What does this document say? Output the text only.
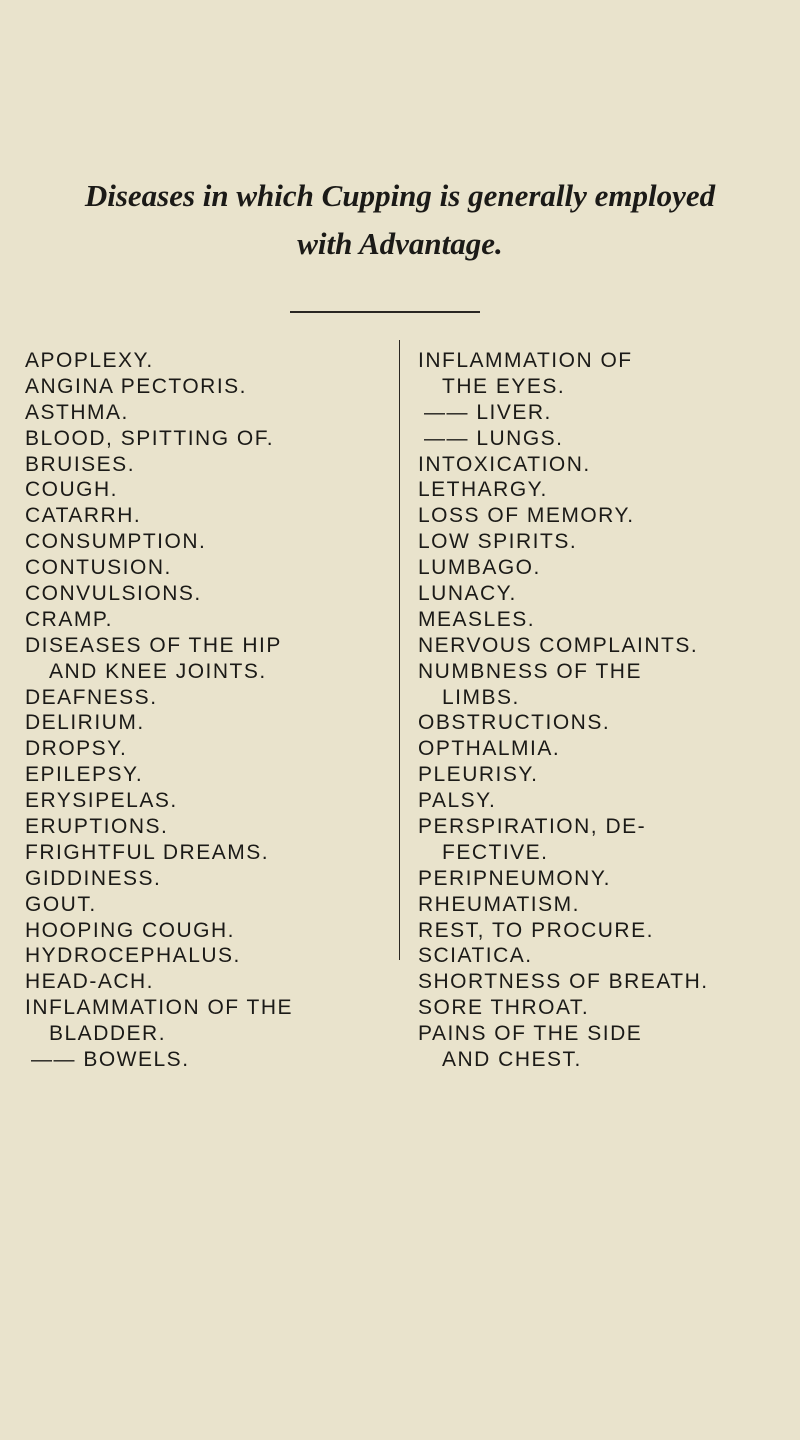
Diseases in which Cupping is generally employed
with Advantage.
APOPLEXY.
ANGINA PECTORIS.
ASTHMA.
BLOOD, SPITTING OF.
BRUISES.
COUGH.
CATARRH.
CONSUMPTION.
CONTUSION.
CONVULSIONS.
CRAMP.
DISEASES OF THE HIP
AND KNEE JOINTS.
DEAFNESS.
DELIRIUM.
DROPSY.
EPILEPSY.
ERYSIPELAS.
ERUPTIONS.
FRIGHTFUL DREAMS.
GIDDINESS.
GOUT.
HOOPING COUGH.
HYDROCEPHALUS.
HEAD-ACH.
INFLAMMATION OF THE
BLADDER.
—— BOWELS.
INFLAMMATION OF
THE EYES.
—— LIVER.
—— LUNGS.
INTOXICATION.
LETHARGY.
LOSS OF MEMORY.
LOW SPIRITS.
LUMBAGO.
LUNACY.
MEASLES.
NERVOUS COMPLAINTS.
NUMBNESS OF THE
LIMBS.
OBSTRUCTIONS.
OPTHALMIA.
PLEURISY.
PALSY.
PERSPIRATION, DE-
FECTIVE.
PERIPNEUMONY.
RHEUMATISM.
REST, TO PROCURE.
SCIATICA.
SHORTNESS OF BREATH.
SORE THROAT.
PAINS OF THE SIDE
AND CHEST.
